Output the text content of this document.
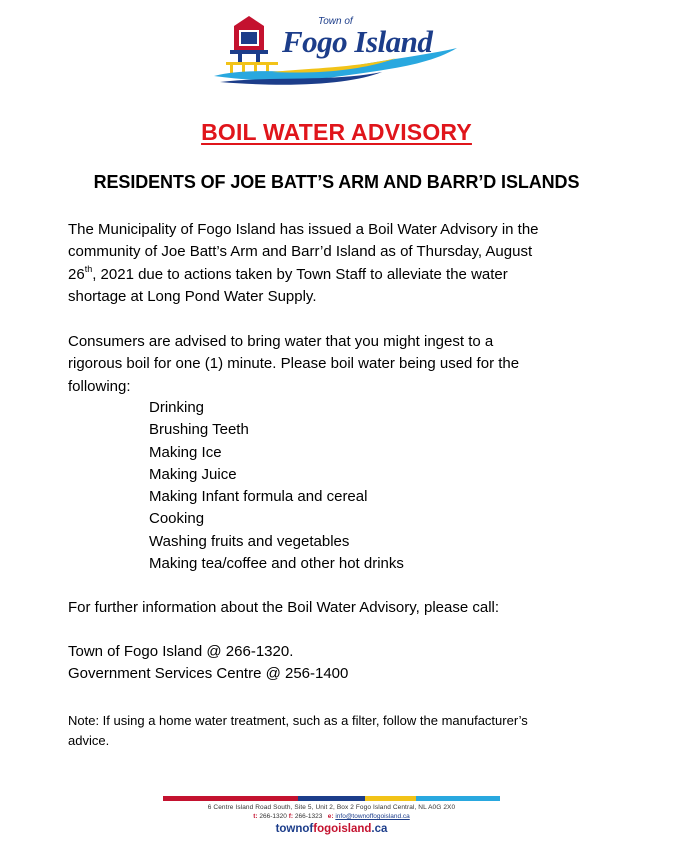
Town of
Fogo Island
BOIL WATER ADVISORY
RESIDENTS OF JOE BATT’S ARM AND BARR’D ISLANDS
The Municipality of Fogo Island has issued a Boil Water Advisory in the
community of Joe Batt’s Arm and Barr’d Island as of Thursday, August
26th, 2021 due to actions taken by Town Staff to alleviate the water
shortage at Long Pond Water Supply.
Consumers are advised to bring water that you might ingest to a
rigorous boil for one (1) minute. Please boil water being used for the
following:
Drinking
Brushing Teeth
Making Ice
Making Juice
Making Infant formula and cereal
Cooking
Washing fruits and vegetables
Making tea/coffee and other hot drinks
For further information about the Boil Water Advisory, please call:
Town of Fogo Island @ 266-1320.
Government Services Centre @ 256-1400
Note: If using a home water treatment, such as a filter, follow the manufacturer’s
advice.
6 Centre Island Road South, Site 5, Unit 2, Box 2 Fogo Island Central, NL A0G 2X0
t: 266-1320 f: 266-1323 e: info@townoffogoisland.ca
townoffogoisland.ca
